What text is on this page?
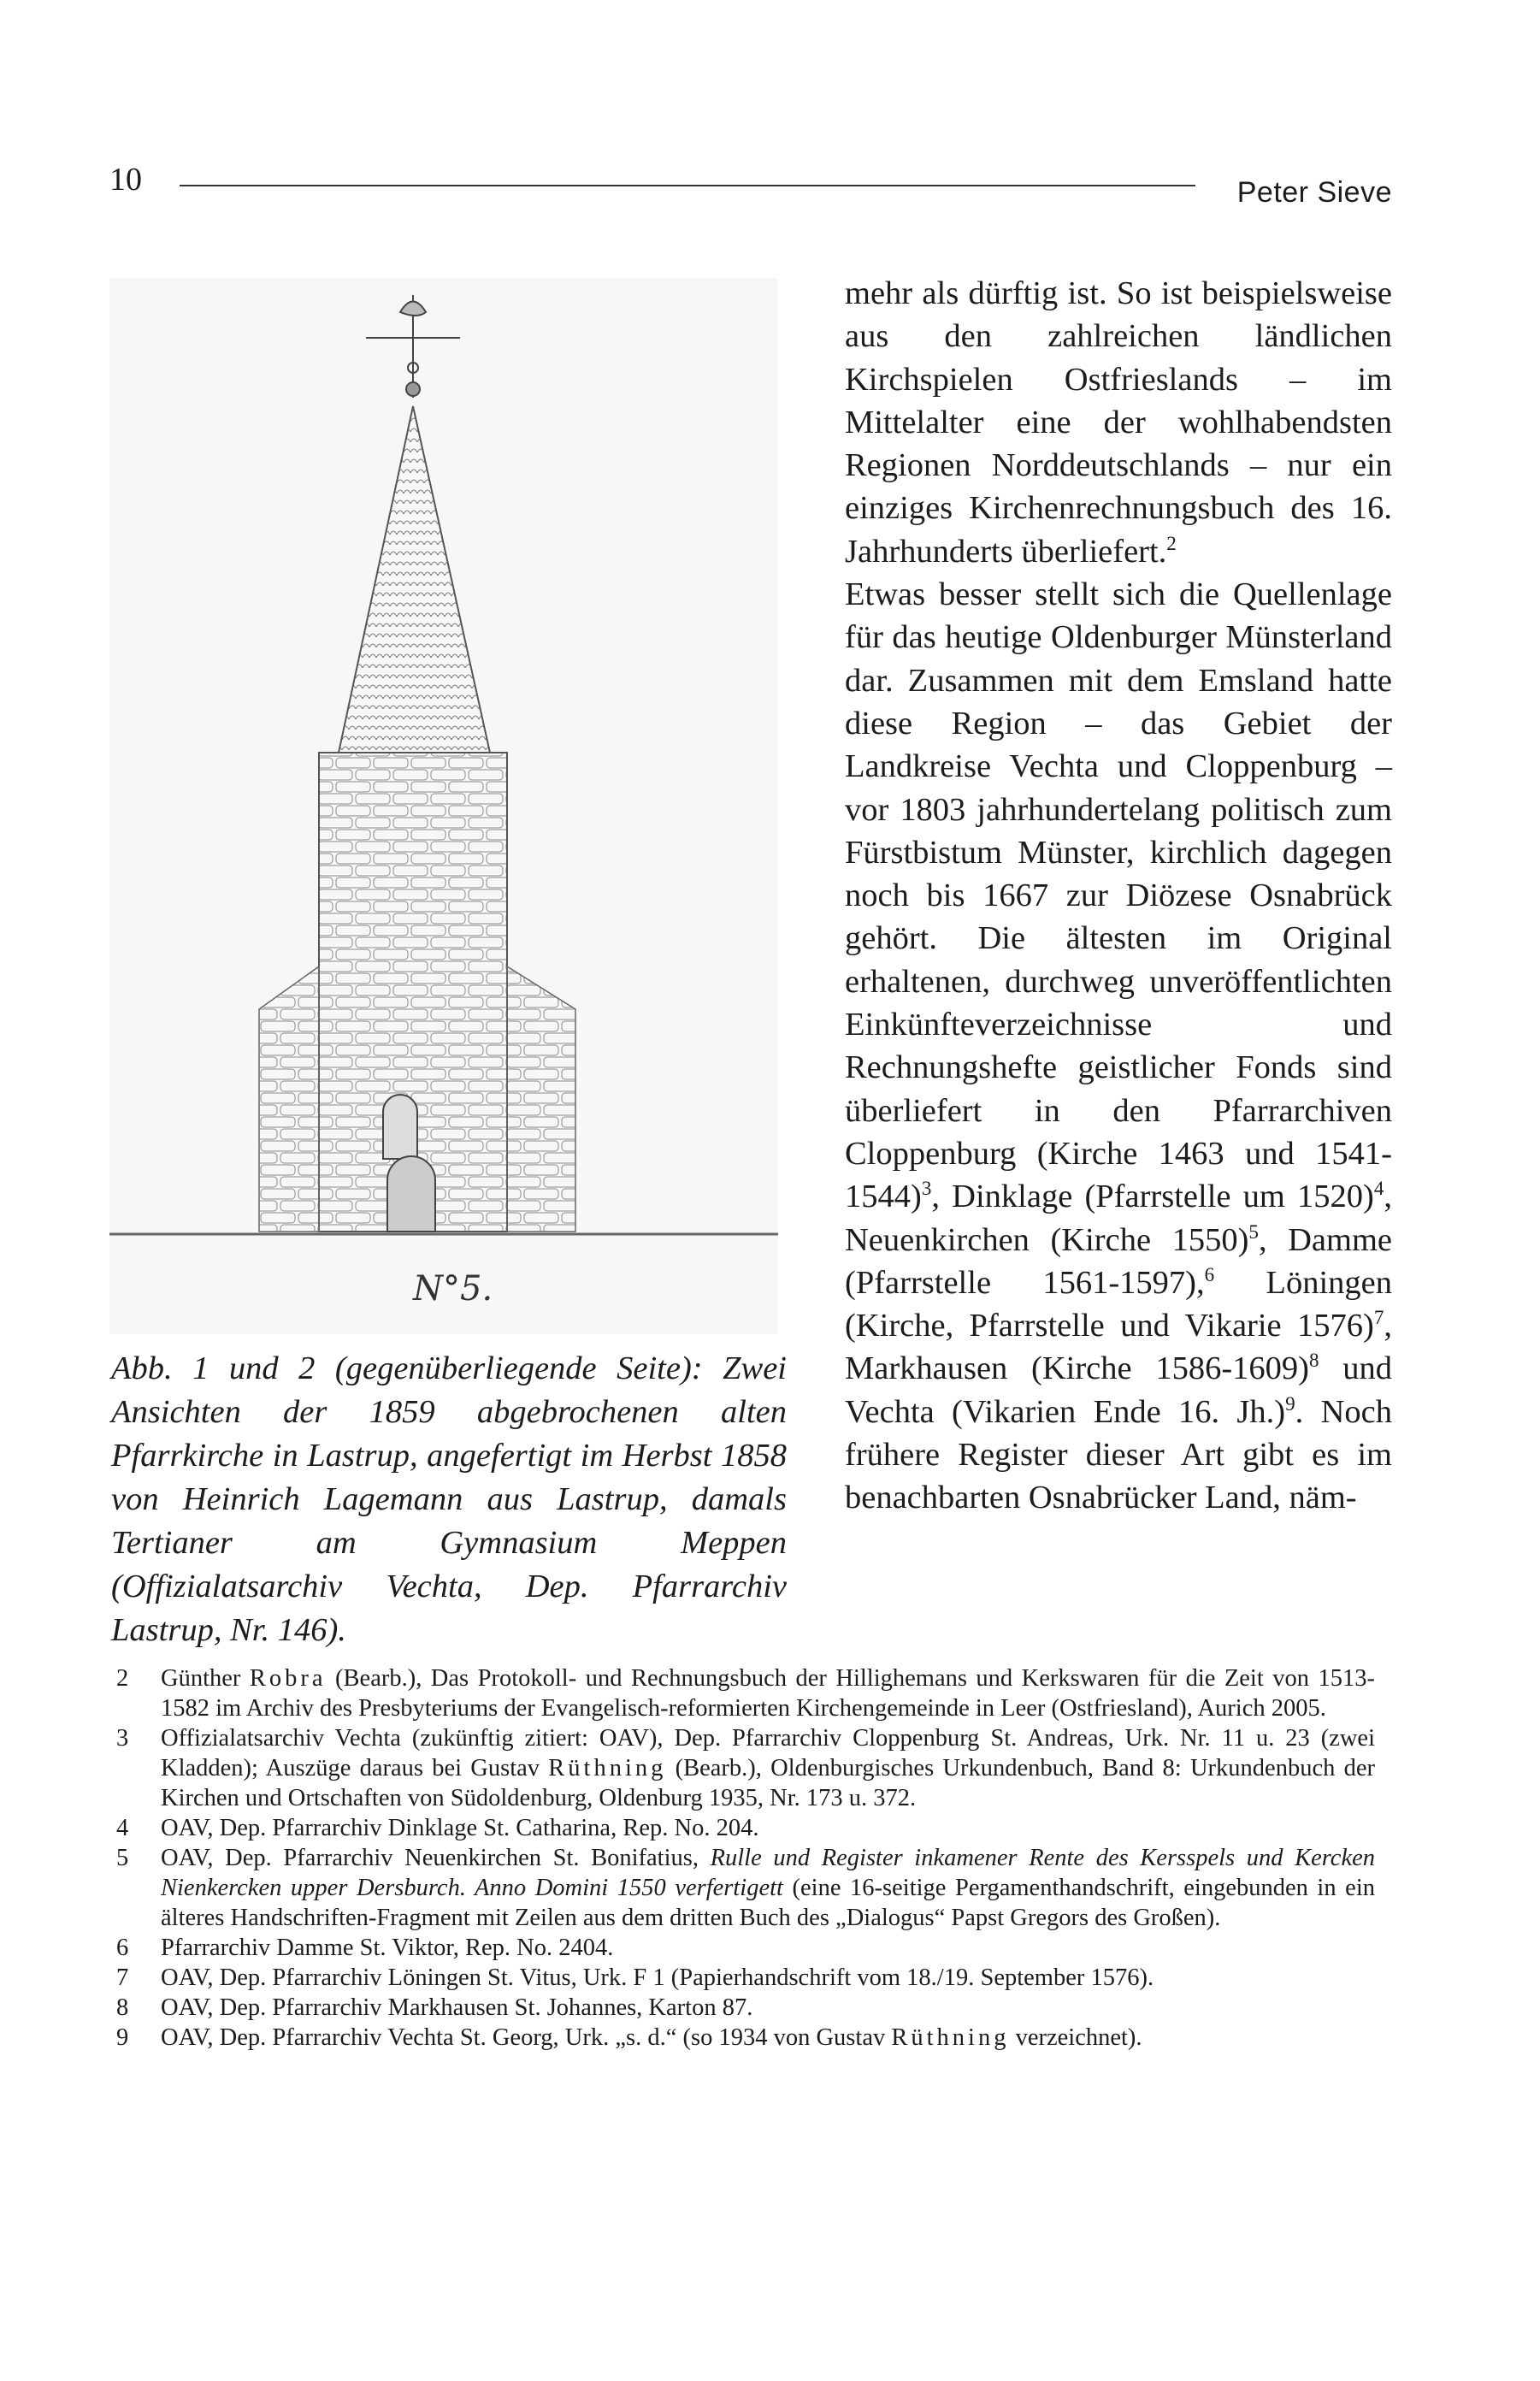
10	Peter Sieve
N°5.
Abb. 1 und 2 (gegenüberliegende Seite): Zwei Ansichten der 1859 abgebrochenen alten Pfarrkirche in Lastrup, angefertigt im Herbst 1858 von Heinrich Lagemann aus Lastrup, damals Tertianer am Gymnasium Meppen (Offizialatsarchiv Vechta, Dep. Pfarrarchiv Lastrup, Nr. 146).

mehr als dürftig ist. So ist beispielsweise aus den zahlreichen ländlichen Kirchspielen Ostfrieslands – im Mittelalter eine der wohlhabendsten Regionen Norddeutschlands – nur ein einziges Kirchenrechnungsbuch des 16. Jahrhunderts überliefert.$^2$

Etwas besser stellt sich die Quellenlage für das heutige Oldenburger Münsterland dar. Zusammen mit dem Emsland hatte diese Region – das Gebiet der Landkreise Vechta und Cloppenburg – vor 1803 jahrhundertelang politisch zum Fürstbistum Münster, kirchlich dagegen noch bis 1667 zur Diözese Osnabrück gehört. Die ältesten im Original erhaltenen, durchweg unveröffentlichten Einkünfteverzeichnisse und Rechnungshefte geistlicher Fonds sind überliefert in den Pfarrarchiven Cloppenburg (Kirche 1463 und 1541-1544)$^3$, Dinklage (Pfarrstelle um 1520)$^4$, Neuenkirchen (Kirche 1550)$^5$, Damme (Pfarrstelle 1561-1597),$^6$ Löningen (Kirche, Pfarrstelle und Vikarie 1576)$^7$, Markhausen (Kirche 1586-1609)$^8$ und Vechta (Vikarien Ende 16. Jh.)$^9$. Noch frühere Register dieser Art gibt es im benachbarten Osnabrücker Land, näm-

2 Günther Robra (Bearb.), Das Protokoll- und Rechnungsbuch der Hillighemans und Kerkswaren für die Zeit von 1513-1582 im Archiv des Presbyteriums der Evangelisch-reformierten Kirchengemeinde in Leer (Ostfriesland), Aurich 2005.
3 Offizialatsarchiv Vechta (zukünftig zitiert: OAV), Dep. Pfarrarchiv Cloppenburg St. Andreas, Urk. Nr. 11 u. 23 (zwei Kladden); Auszüge daraus bei Gustav Rüthning (Bearb.), Oldenburgisches Urkundenbuch, Band 8: Urkundenbuch der Kirchen und Ortschaften von Südoldenburg, Oldenburg 1935, Nr. 173 u. 372.
4 OAV, Dep. Pfarrarchiv Dinklage St. Catharina, Rep. No. 204.
5 OAV, Dep. Pfarrarchiv Neuenkirchen St. Bonifatius, Rulle und Register inkamener Rente des Kersspels und Kercken Nienkercken upper Dersburch. Anno Domini 1550 verfertigett (eine 16-seitige Pergamenthandschrift, eingebunden in ein älteres Handschriften-Fragment mit Zeilen aus dem dritten Buch des „Dialogus“ Papst Gregors des Großen).
6 Pfarrarchiv Damme St. Viktor, Rep. No. 2404.
7 OAV, Dep. Pfarrarchiv Löningen St. Vitus, Urk. F 1 (Papierhandschrift vom 18./19. September 1576).
8 OAV, Dep. Pfarrarchiv Markhausen St. Johannes, Karton 87.
9 OAV, Dep. Pfarrarchiv Vechta St. Georg, Urk. „s. d.“ (so 1934 von Gustav Rüthning verzeichnet).
